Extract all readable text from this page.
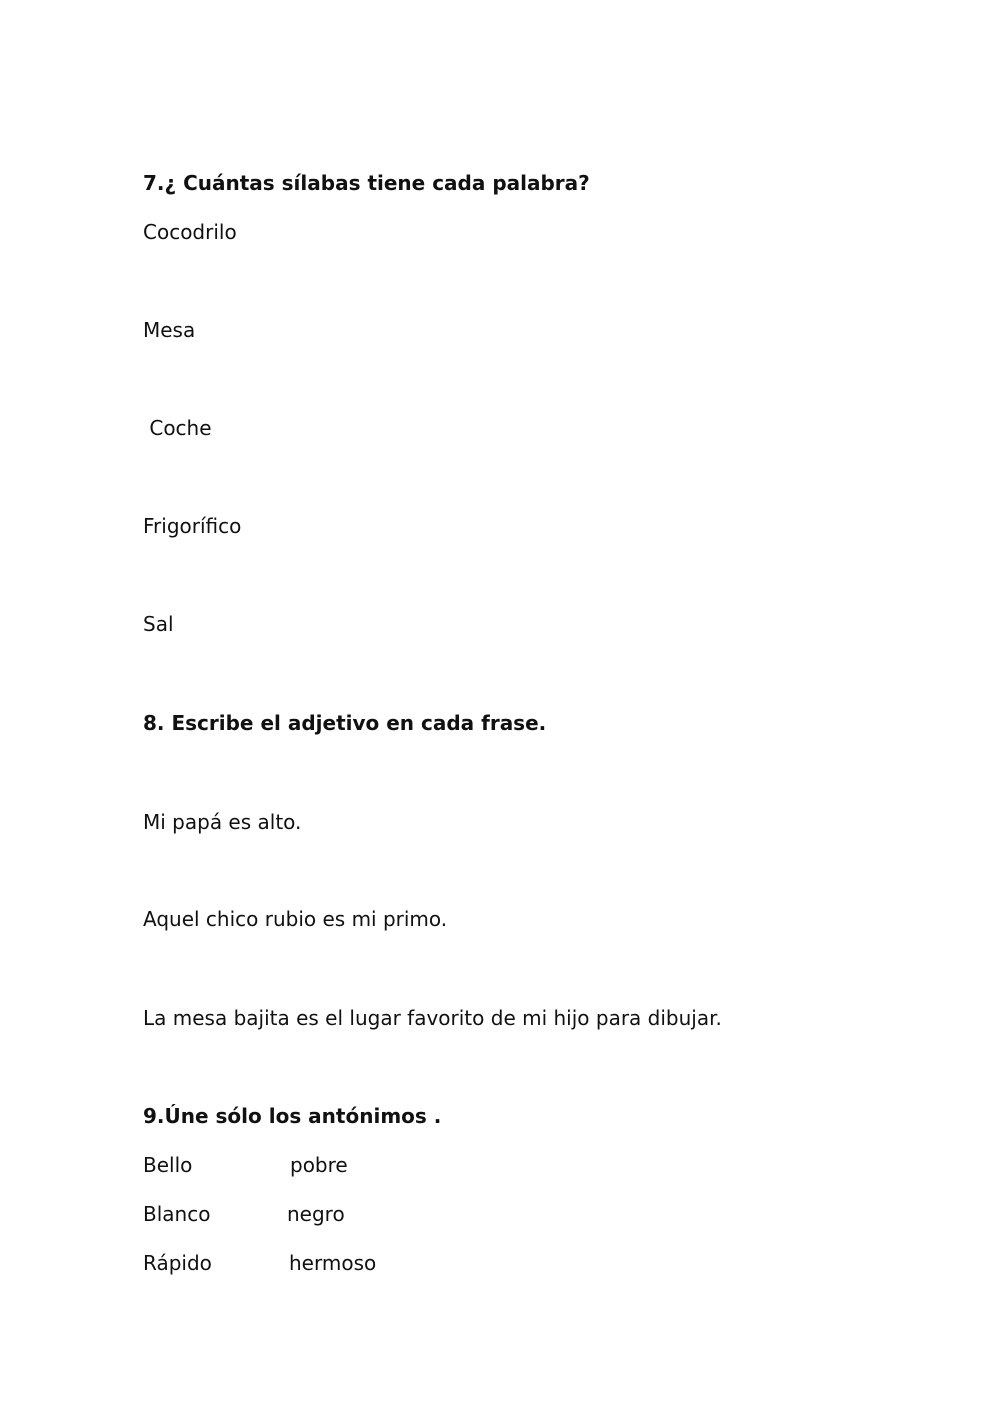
7.¿ Cuántas sílabas tiene cada palabra?
Cocodrilo
Mesa
Coche
Frigorífico
Sal
8. Escribe el adjetivo en cada frase.
Mi papá es alto.
Aquel chico rubio es mi primo.
La mesa bajita es el lugar favorito de mi hijo para dibujar.
9.Úne sólo los antónimos .
Bello	pobre
Blanco	negro
Rápido	hermoso
